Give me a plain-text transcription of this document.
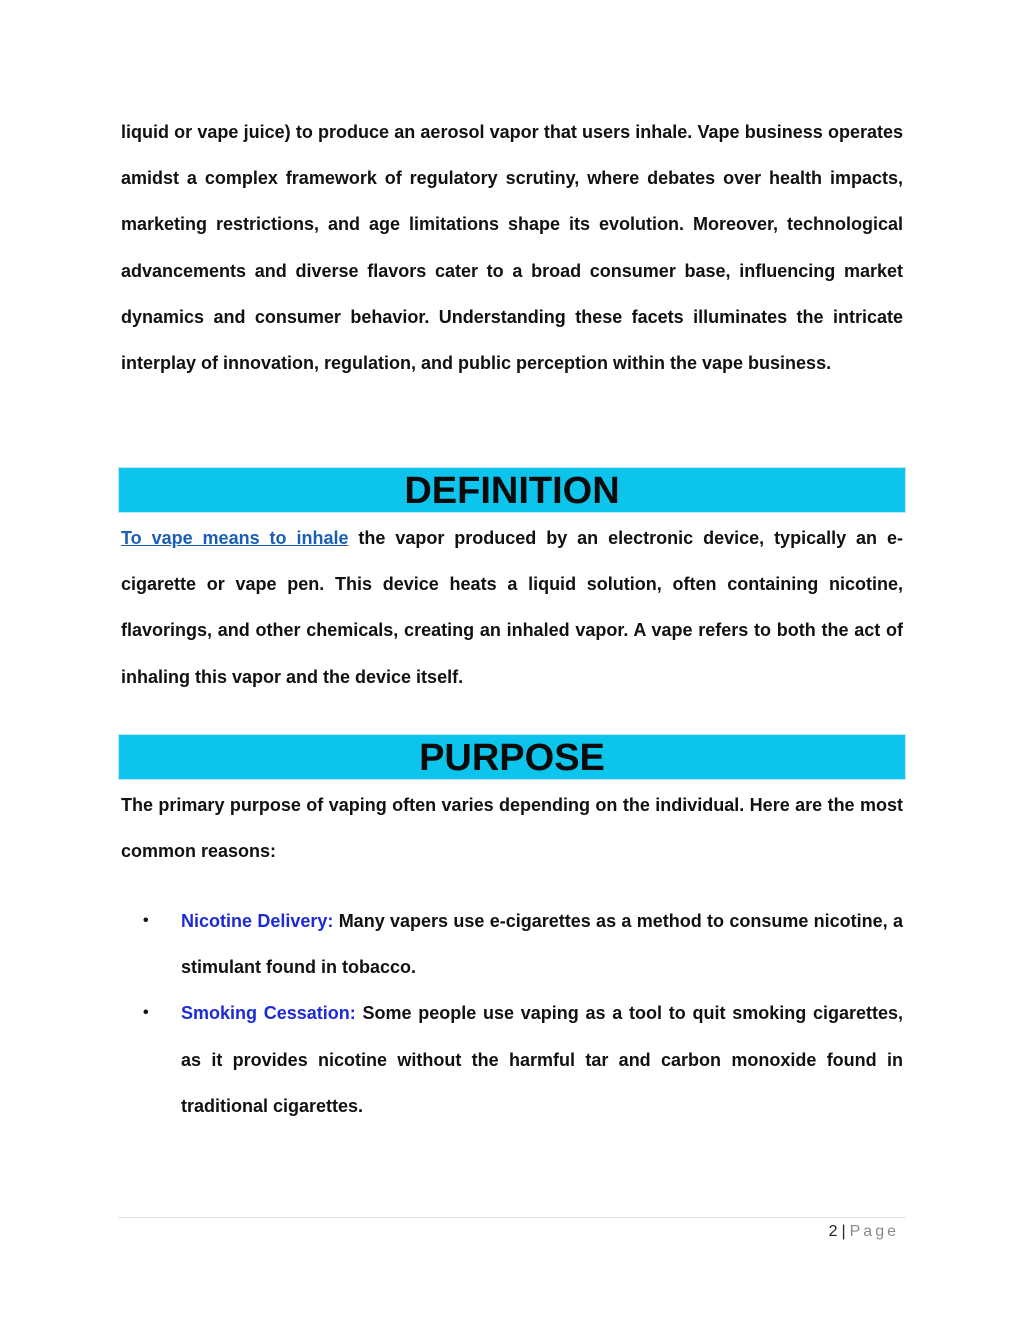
liquid or vape juice) to produce an aerosol vapor that users inhale. Vape business operates amidst a complex framework of regulatory scrutiny, where debates over health impacts, marketing restrictions, and age limitations shape its evolution. Moreover, technological advancements and diverse flavors cater to a broad consumer base, influencing market dynamics and consumer behavior. Understanding these facets illuminates the intricate interplay of innovation, regulation, and public perception within the vape business.

DEFINITION

To vape means to inhale the vapor produced by an electronic device, typically an e-cigarette or vape pen. This device heats a liquid solution, often containing nicotine, flavorings, and other chemicals, creating an inhaled vapor. A vape refers to both the act of inhaling this vapor and the device itself.

PURPOSE

The primary purpose of vaping often varies depending on the individual. Here are the most common reasons:

• Nicotine Delivery: Many vapers use e-cigarettes as a method to consume nicotine, a stimulant found in tobacco.
• Smoking Cessation: Some people use vaping as a tool to quit smoking cigarettes, as it provides nicotine without the harmful tar and carbon monoxide found in traditional cigarettes.
2 | Page
